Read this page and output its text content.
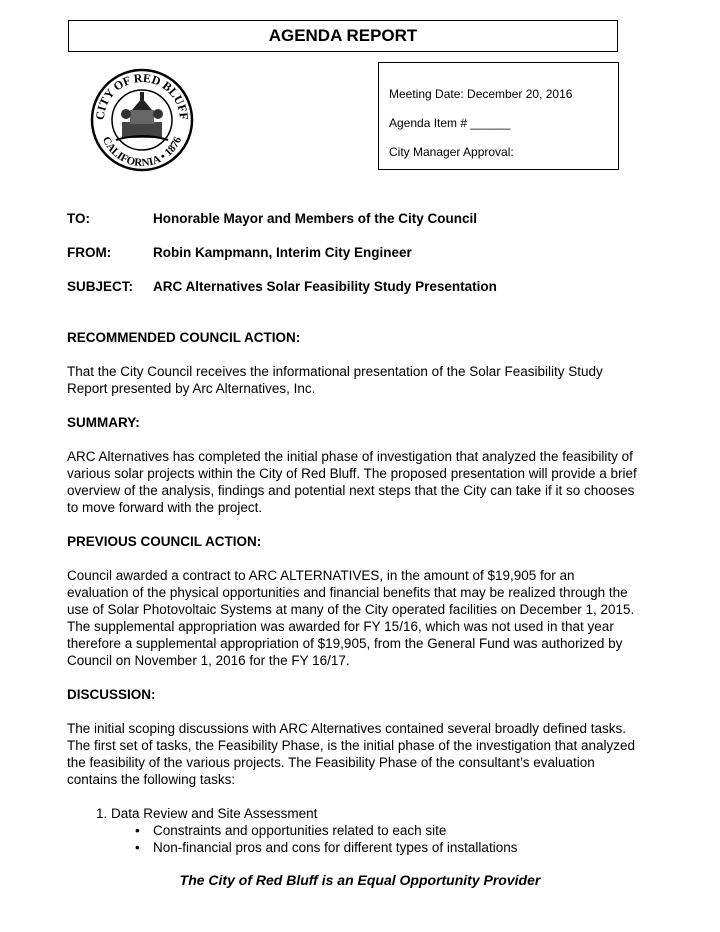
AGENDA REPORT
CITY OF RED BLUFF
CALIFORNIA • 1876
Meeting Date: December 20, 2016
Agenda Item # ______
City Manager Approval:
TO:	Honorable Mayor and Members of the City Council
FROM:	Robin Kampmann, Interim City Engineer
SUBJECT:	ARC Alternatives Solar Feasibility Study Presentation
RECOMMENDED COUNCIL ACTION:
That the City Council receives the informational presentation of the Solar Feasibility Study Report presented by Arc Alternatives, Inc.
SUMMARY:
ARC Alternatives has completed the initial phase of investigation that analyzed the feasibility of various solar projects within the City of Red Bluff. The proposed presentation will provide a brief overview of the analysis, findings and potential next steps that the City can take if it so chooses to move forward with the project.
PREVIOUS COUNCIL ACTION:
Council awarded a contract to ARC ALTERNATIVES, in the amount of $19,905 for an evaluation of the physical opportunities and financial benefits that may be realized through the use of Solar Photovoltaic Systems at many of the City operated facilities on December 1, 2015. The supplemental appropriation was awarded for FY 15/16, which was not used in that year therefore a supplemental appropriation of $19,905, from the General Fund was authorized by Council on November 1, 2016 for the FY 16/17.
DISCUSSION:
The initial scoping discussions with ARC Alternatives contained several broadly defined tasks. The first set of tasks, the Feasibility Phase, is the initial phase of the investigation that analyzed the feasibility of the various projects. The Feasibility Phase of the consultant’s evaluation contains the following tasks:
1. Data Review and Site Assessment
• Constraints and opportunities related to each site
• Non-financial pros and cons for different types of installations
The City of Red Bluff is an Equal Opportunity Provider
